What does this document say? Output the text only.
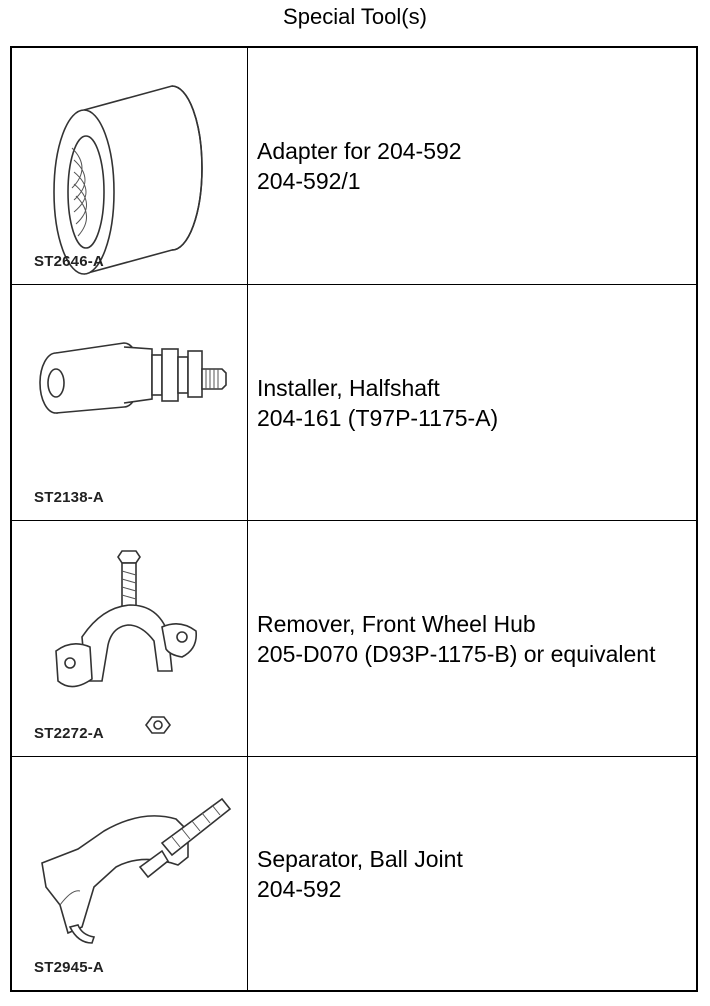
Special Tool(s)
ST2646-A
Adapter for 204-592
204-592/1
ST2138-A
Installer, Halfshaft
204-161 (T97P-1175-A)
ST2272-A
Remover, Front Wheel Hub
205-D070 (D93P-1175-B) or equivalent
ST2945-A
Separator, Ball Joint
204-592
